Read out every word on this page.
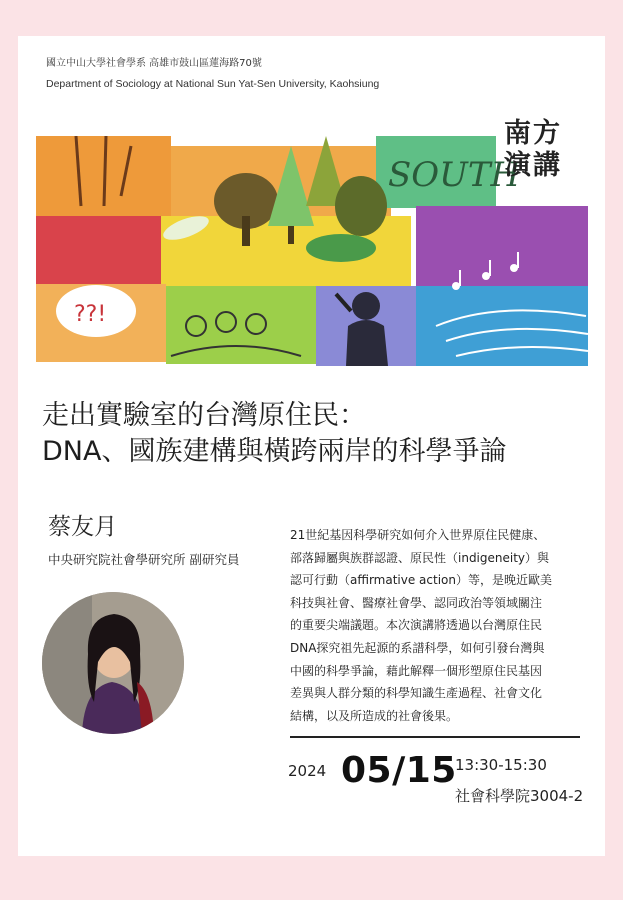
國立中山大學社會學系 高雄市鼓山區蓮海路70號
Department of Sociology at National Sun Yat-Sen University, Kaohsiung
SOUTH
??!
南方
演講
走出實驗室的台灣原住民：
DNA、國族建構與橫跨兩岸的科學爭論
蔡友月
中央研究院社會學研究所 副研究員
21世紀基因科學研究如何介入世界原住民健康、
部落歸屬與族群認證、原民性（indigeneity）與
認可行動（affirmative action）等，是晚近歐美
科技與社會、醫療社會學、認同政治等領域關注
的重要尖端議題。本次演講將透過以台灣原住民
DNA探究祖先起源的系譜科學，如何引發台灣與
中國的科學爭論，藉此解釋一個形塑原住民基因
差異與人群分類的科學知識生產過程、社會文化
結構，以及所造成的社會後果。
2024 05/15
13:30-15:30
社會科學院3004-2
